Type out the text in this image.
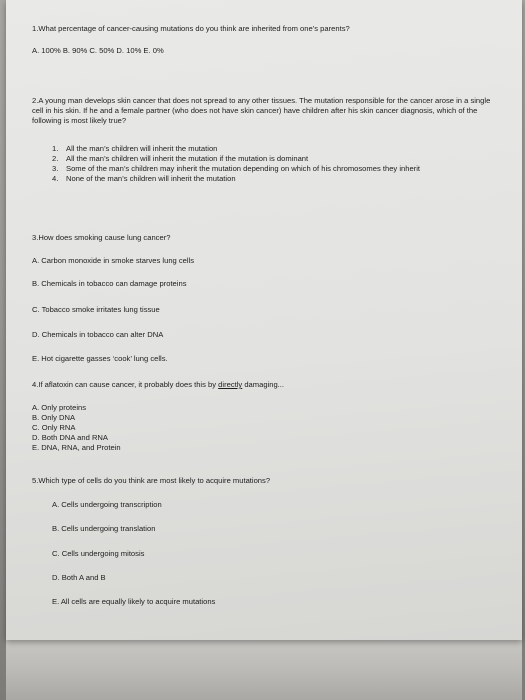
1.What percentage of cancer-causing mutations do you think are inherited from one’s parents?

A. 100% B. 90% C. 50% D. 10% E. 0%

2.A young man develops skin cancer that does not spread to any other tissues. The mutation responsible for the cancer arose in a single cell in his skin. If he and a female partner (who does not have skin cancer) have children after his skin cancer diagnosis, which of the following is most likely true?

1.	All the man’s children will inherit the mutation
2.	All the man’s children will inherit the mutation if the mutation is dominant
3.	Some of the man’s children may inherit the mutation depending on which of his chromosomes they inherit
4.	None of the man’s children will inherit the mutation

3.How does smoking cause lung cancer?

A. Carbon monoxide in smoke starves lung cells

B. Chemicals in tobacco can damage proteins

C. Tobacco smoke irritates lung tissue

D. Chemicals in tobacco can alter DNA

E. Hot cigarette gasses ‘cook’ lung cells.

4.If aflatoxin can cause cancer, it probably does this by directly damaging...

A. Only proteins

B. Only DNA

C. Only RNA

D. Both DNA and RNA

E. DNA, RNA, and Protein

5.Which type of cells do you think are most likely to acquire mutations?

A. Cells undergoing transcription

B. Cells undergoing translation

C. Cells undergoing mitosis

D. Both A and B

E. All cells are equally likely to acquire mutations
